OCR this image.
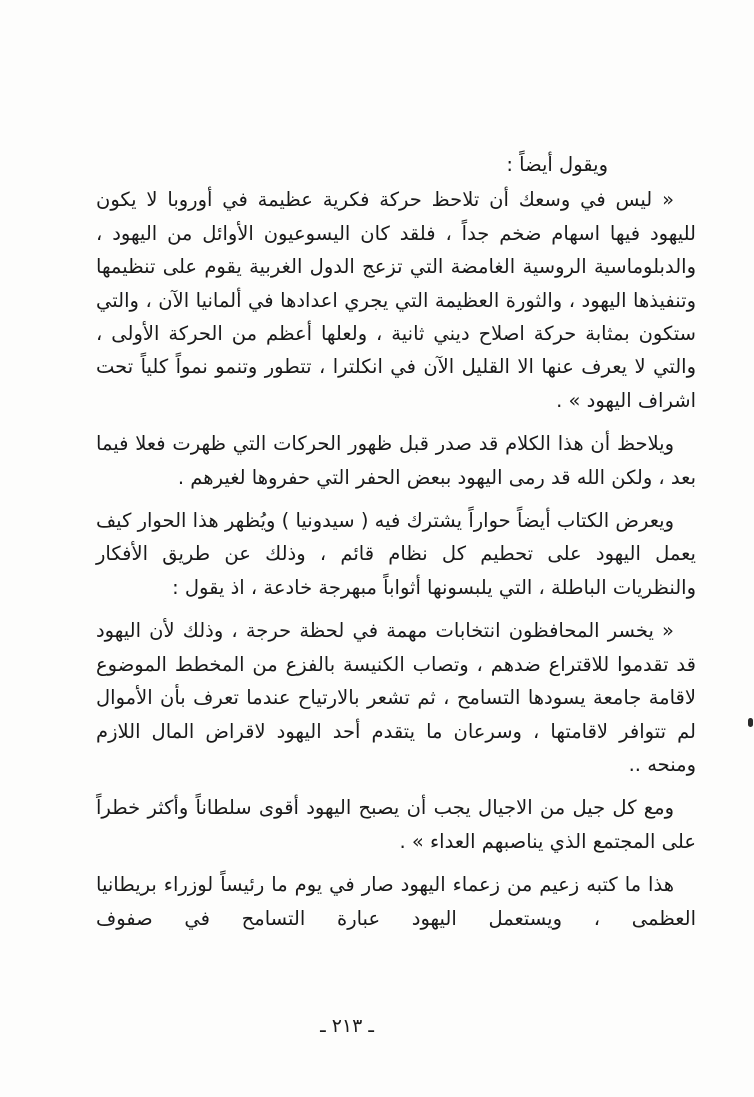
ويقول أيضاً :

« ليس في وسعك أن تلاحظ حركة فكرية عظيمة في أوروبا لا يكون لليهود فيها اسهام ضخم جداً ، فلقد كان اليسوعيون الأوائل من اليهود ، والدبلوماسية الروسية الغامضة التي تزعج الدول الغربية يقوم على تنظيمها وتنفيذها اليهود ، والثورة العظيمة التي يجري اعدادها في ألمانيا الآن ، والتي ستكون بمثابة حركة اصلاح ديني ثانية ، ولعلها أعظم من الحركة الأولى ، والتي لا يعرف عنها الا القليل الآن في انكلترا ، تتطور وتنمو نمواً كلياً تحت اشراف اليهود » .

ويلاحظ أن هذا الكلام قد صدر قبل ظهور الحركات التي ظهرت فعلا فيما بعد ، ولكن الله قد رمى اليهود ببعض الحفر التي حفروها لغيرهم .

ويعرض الكتاب أيضاً حواراً يشترك فيه ( سيدونيا ) ويُظهر هذا الحوار كيف يعمل اليهود على تحطيم كل نظام قائم ، وذلك عن طريق الأفكار والنظريات الباطلة ، التي يلبسونها أثواباً مبهرجة خادعة ، اذ يقول :

« يخسر المحافظون انتخابات مهمة في لحظة حرجة ، وذلك لأن اليهود قد تقدموا للاقتراع ضدهم ، وتصاب الكنيسة بالفزع من المخطط الموضوع لاقامة جامعة يسودها التسامح ، ثم تشعر بالارتياح عندما تعرف بأن الأموال لم تتوافر لاقامتها ، وسرعان ما يتقدم أحد اليهود لاقراض المال اللازم ومنحه ..

ومع كل جيل من الاجيال يجب أن يصبح اليهود أقوى سلطاناً وأكثر خطراً على المجتمع الذي يناصبهم العداء » .

هذا ما كتبه زعيم من زعماء اليهود صار في يوم ما رئيساً لوزراء بريطانيا العظمى ، ويستعمل اليهود عبارة التسامح في صفوف

ـ ٢١٣ ـ
